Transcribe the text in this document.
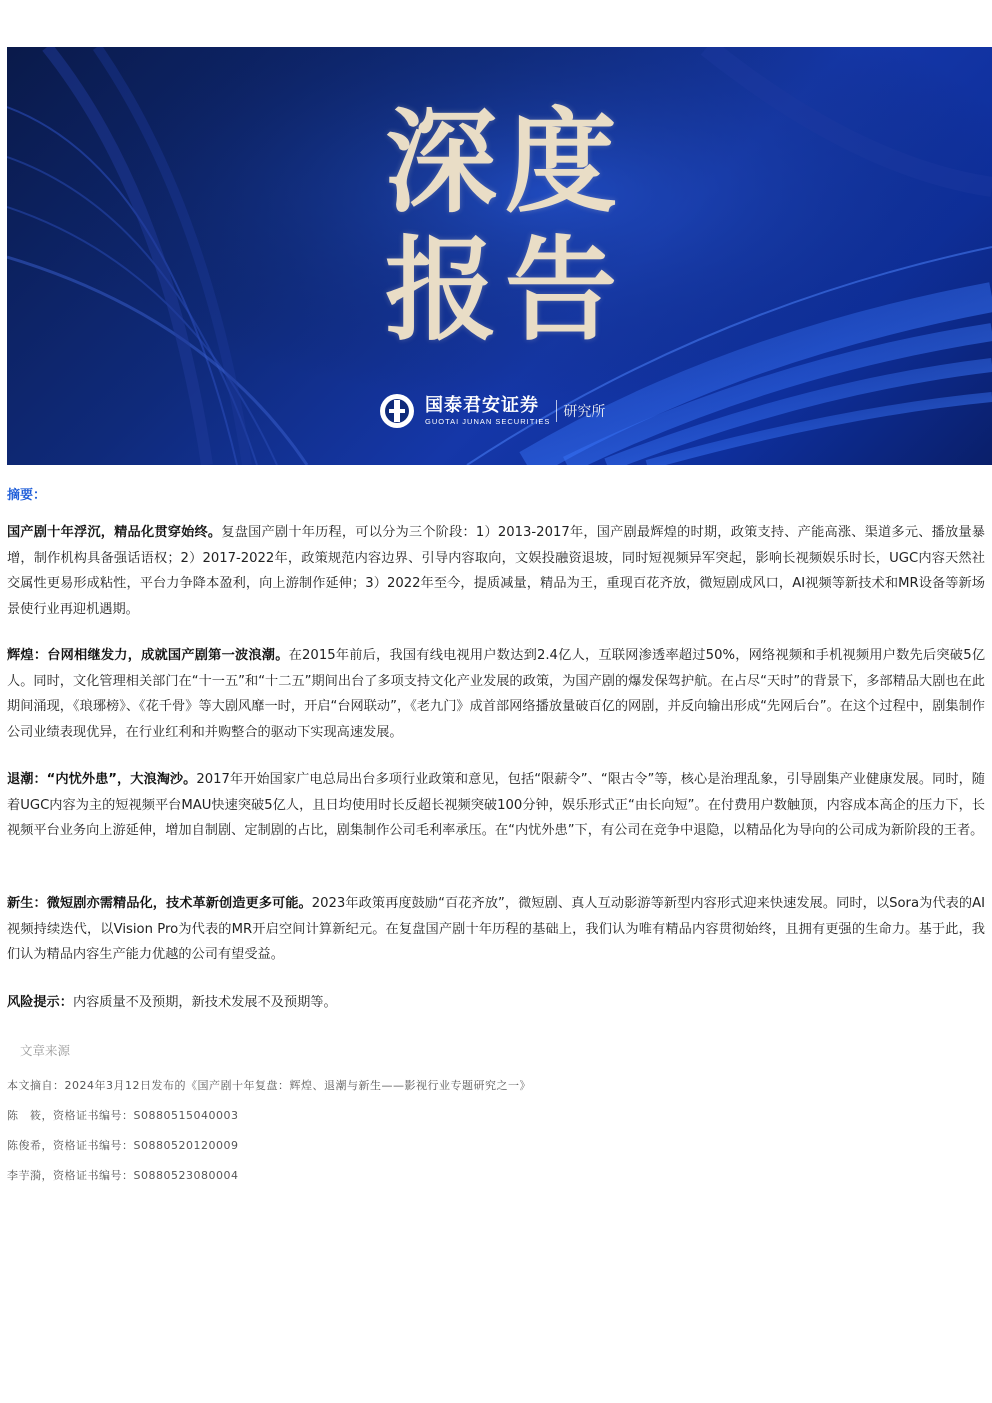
深度
报告
国泰君安证券
GUOTAI JUNAN SECURITIES
研究所
摘要：

国产剧十年浮沉，精品化贯穿始终。复盘国产剧十年历程，可以分为三个阶段：1）2013-2017年，国产剧最辉煌的时期，政策支持、产能高涨、渠道多元、播放量暴增，制作机构具备强话语权；2）2017-2022年，政策规范内容边界、引导内容取向，文娱投融资退坡，同时短视频异军突起，影响长视频娱乐时长，UGC内容天然社交属性更易形成粘性，平台力争降本盈利，向上游制作延伸；3）2022年至今，提质减量，精品为王，重现百花齐放，微短剧成风口，AI视频等新技术和MR设备等新场景使行业再迎机遇期。

辉煌：台网相继发力，成就国产剧第一波浪潮。在2015年前后，我国有线电视用户数达到2.4亿人，互联网渗透率超过50%，网络视频和手机视频用户数先后突破5亿人。同时，文化管理相关部门在“十一五”和“十二五”期间出台了多项支持文化产业发展的政策，为国产剧的爆发保驾护航。在占尽“天时”的背景下，多部精品大剧也在此期间涌现，《琅琊榜》、《花千骨》等大剧风靡一时，开启“台网联动”，《老九门》成首部网络播放量破百亿的网剧，并反向输出形成“先网后台”。在这个过程中，剧集制作公司业绩表现优异，在行业红利和并购整合的驱动下实现高速发展。

退潮：“内忧外患”，大浪淘沙。2017年开始国家广电总局出台多项行业政策和意见，包括“限薪令”、“限古令”等，核心是治理乱象，引导剧集产业健康发展。同时，随着UGC内容为主的短视频平台MAU快速突破5亿人，且日均使用时长反超长视频突破100分钟，娱乐形式正“由长向短”。在付费用户数触顶，内容成本高企的压力下，长视频平台业务向上游延伸，增加自制剧、定制剧的占比，剧集制作公司毛利率承压。在“内忧外患”下，有公司在竞争中退隐，以精品化为导向的公司成为新阶段的王者。

新生：微短剧亦需精品化，技术革新创造更多可能。2023年政策再度鼓励“百花齐放”，微短剧、真人互动影游等新型内容形式迎来快速发展。同时，以Sora为代表的AI视频持续迭代，以Vision Pro为代表的MR开启空间计算新纪元。在复盘国产剧十年历程的基础上，我们认为唯有精品内容贯彻始终，且拥有更强的生命力。基于此，我们认为精品内容生产能力优越的公司有望受益。

风险提示：内容质量不及预期，新技术发展不及预期等。

文章来源
本文摘自：2024年3月12日发布的《国产剧十年复盘：辉煌、退潮与新生——影视行业专题研究之一》
陈　筱，资格证书编号：S0880515040003
陈俊希，资格证书编号：S0880520120009
李芋漪，资格证书编号：S0880523080004
